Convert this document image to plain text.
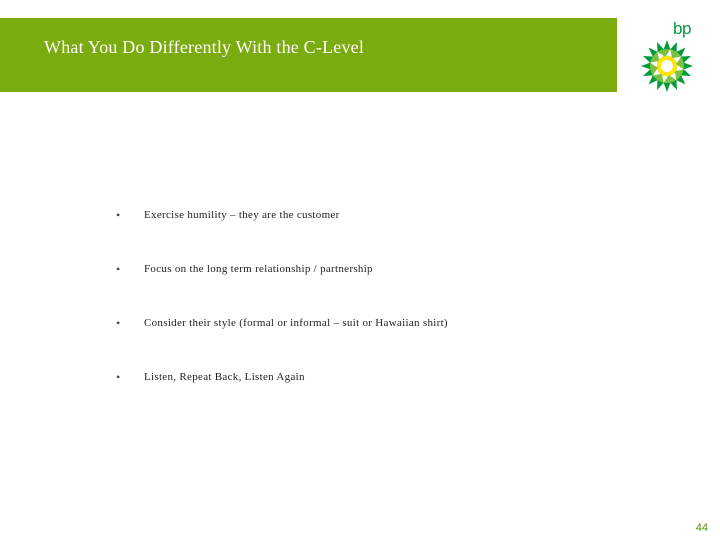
What You Do Differently With the C-Level
bp
• Exercise humility – they are the customer
• Focus on the long term relationship / partnership
• Consider their style (formal or informal – suit or Hawaiian shirt)
• Listen, Repeat Back, Listen Again
44
